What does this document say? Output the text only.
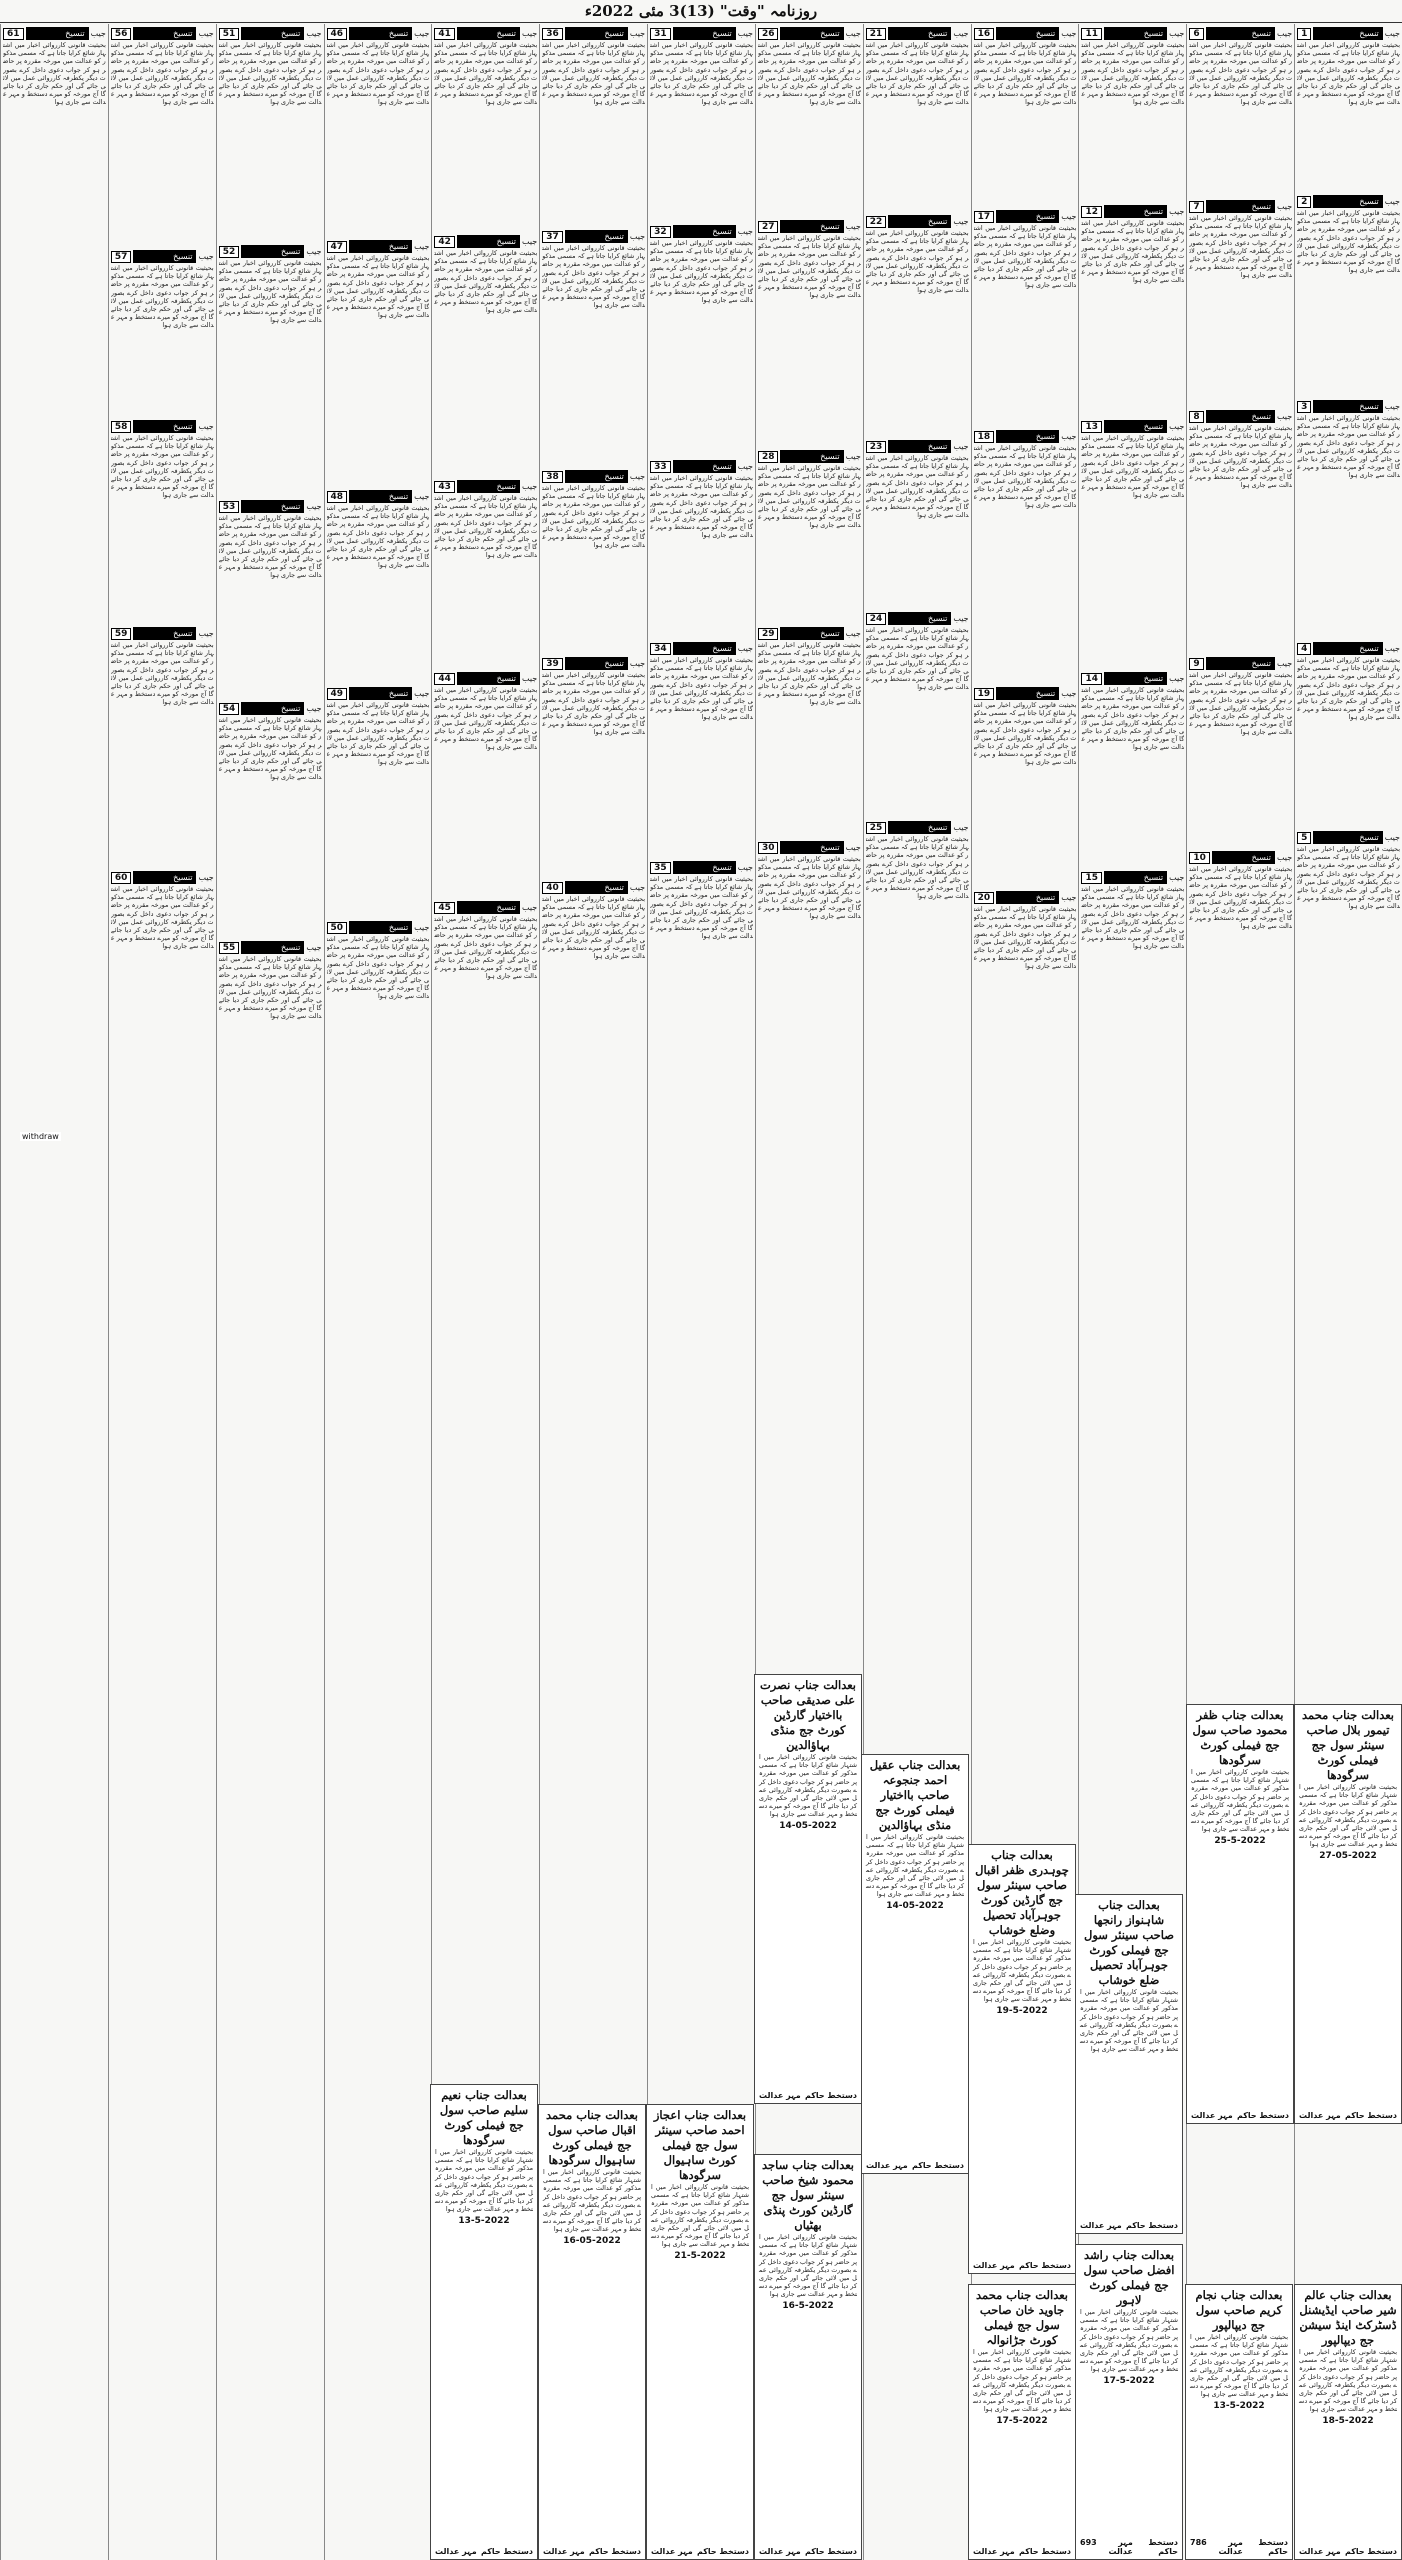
روزنامہ "وقت" (13)3 مئی 2022ء
1	تنسیخ جیب
بحیثیت قانونی کارروائی اخبار میں اشتہار شائع کرایا جاتا ہے کہ مسمی مذکور کو عدالت میں مورخہ مقررہ پر حاضر ہو کر جواب دعوی داخل کرے بصورت دیگر یکطرفہ کارروائی عمل میں لائی جائے گی اور حکم جاری کر دیا جائے گا آج مورخہ کو میرے دستخط و مہر عدالت سے جاری ہوا
2	تنسیخ جیب
بحیثیت قانونی کارروائی اخبار میں اشتہار شائع کرایا جاتا ہے کہ مسمی مذکور کو عدالت میں مورخہ مقررہ پر حاضر ہو کر جواب دعوی داخل کرے بصورت دیگر یکطرفہ کارروائی عمل میں لائی جائے گی اور حکم جاری کر دیا جائے گا آج مورخہ کو میرے دستخط و مہر عدالت سے جاری ہوا
3	تنسیخ جیب
بحیثیت قانونی کارروائی اخبار میں اشتہار شائع کرایا جاتا ہے کہ مسمی مذکور کو عدالت میں مورخہ مقررہ پر حاضر ہو کر جواب دعوی داخل کرے بصورت دیگر یکطرفہ کارروائی عمل میں لائی جائے گی اور حکم جاری کر دیا جائے گا آج مورخہ کو میرے دستخط و مہر عدالت سے جاری ہوا
4	تنسیخ جیب
بحیثیت قانونی کارروائی اخبار میں اشتہار شائع کرایا جاتا ہے کہ مسمی مذکور کو عدالت میں مورخہ مقررہ پر حاضر ہو کر جواب دعوی داخل کرے بصورت دیگر یکطرفہ کارروائی عمل میں لائی جائے گی اور حکم جاری کر دیا جائے گا آج مورخہ کو میرے دستخط و مہر عدالت سے جاری ہوا
5	تنسیخ جیب
بحیثیت قانونی کارروائی اخبار میں اشتہار شائع کرایا جاتا ہے کہ مسمی مذکور کو عدالت میں مورخہ مقررہ پر حاضر ہو کر جواب دعوی داخل کرے بصورت دیگر یکطرفہ کارروائی عمل میں لائی جائے گی اور حکم جاری کر دیا جائے گا آج مورخہ کو میرے دستخط و مہر عدالت سے جاری ہوا
6	تنسیخ جیب
بحیثیت قانونی کارروائی اخبار میں اشتہار شائع کرایا جاتا ہے کہ مسمی مذکور کو عدالت میں مورخہ مقررہ پر حاضر ہو کر جواب دعوی داخل کرے بصورت دیگر یکطرفہ کارروائی عمل میں لائی جائے گی اور حکم جاری کر دیا جائے گا آج مورخہ کو میرے دستخط و مہر عدالت سے جاری ہوا
7	تنسیخ جیب
بحیثیت قانونی کارروائی اخبار میں اشتہار شائع کرایا جاتا ہے کہ مسمی مذکور کو عدالت میں مورخہ مقررہ پر حاضر ہو کر جواب دعوی داخل کرے بصورت دیگر یکطرفہ کارروائی عمل میں لائی جائے گی اور حکم جاری کر دیا جائے گا آج مورخہ کو میرے دستخط و مہر عدالت سے جاری ہوا
8	تنسیخ جیب
بحیثیت قانونی کارروائی اخبار میں اشتہار شائع کرایا جاتا ہے کہ مسمی مذکور کو عدالت میں مورخہ مقررہ پر حاضر ہو کر جواب دعوی داخل کرے بصورت دیگر یکطرفہ کارروائی عمل میں لائی جائے گی اور حکم جاری کر دیا جائے گا آج مورخہ کو میرے دستخط و مہر عدالت سے جاری ہوا
9	تنسیخ جیب
بحیثیت قانونی کارروائی اخبار میں اشتہار شائع کرایا جاتا ہے کہ مسمی مذکور کو عدالت میں مورخہ مقررہ پر حاضر ہو کر جواب دعوی داخل کرے بصورت دیگر یکطرفہ کارروائی عمل میں لائی جائے گی اور حکم جاری کر دیا جائے گا آج مورخہ کو میرے دستخط و مہر عدالت سے جاری ہوا
10	تنسیخ جیب
بحیثیت قانونی کارروائی اخبار میں اشتہار شائع کرایا جاتا ہے کہ مسمی مذکور کو عدالت میں مورخہ مقررہ پر حاضر ہو کر جواب دعوی داخل کرے بصورت دیگر یکطرفہ کارروائی عمل میں لائی جائے گی اور حکم جاری کر دیا جائے گا آج مورخہ کو میرے دستخط و مہر عدالت سے جاری ہوا
11	تنسیخ جیب
بحیثیت قانونی کارروائی اخبار میں اشتہار شائع کرایا جاتا ہے کہ مسمی مذکور کو عدالت میں مورخہ مقررہ پر حاضر ہو کر جواب دعوی داخل کرے بصورت دیگر یکطرفہ کارروائی عمل میں لائی جائے گی اور حکم جاری کر دیا جائے گا آج مورخہ کو میرے دستخط و مہر عدالت سے جاری ہوا
12	تنسیخ جیب
بحیثیت قانونی کارروائی اخبار میں اشتہار شائع کرایا جاتا ہے کہ مسمی مذکور کو عدالت میں مورخہ مقررہ پر حاضر ہو کر جواب دعوی داخل کرے بصورت دیگر یکطرفہ کارروائی عمل میں لائی جائے گی اور حکم جاری کر دیا جائے گا آج مورخہ کو میرے دستخط و مہر عدالت سے جاری ہوا
13	تنسیخ جیب
بحیثیت قانونی کارروائی اخبار میں اشتہار شائع کرایا جاتا ہے کہ مسمی مذکور کو عدالت میں مورخہ مقررہ پر حاضر ہو کر جواب دعوی داخل کرے بصورت دیگر یکطرفہ کارروائی عمل میں لائی جائے گی اور حکم جاری کر دیا جائے گا آج مورخہ کو میرے دستخط و مہر عدالت سے جاری ہوا
14	تنسیخ جیب
بحیثیت قانونی کارروائی اخبار میں اشتہار شائع کرایا جاتا ہے کہ مسمی مذکور کو عدالت میں مورخہ مقررہ پر حاضر ہو کر جواب دعوی داخل کرے بصورت دیگر یکطرفہ کارروائی عمل میں لائی جائے گی اور حکم جاری کر دیا جائے گا آج مورخہ کو میرے دستخط و مہر عدالت سے جاری ہوا
15	تنسیخ جیب
بحیثیت قانونی کارروائی اخبار میں اشتہار شائع کرایا جاتا ہے کہ مسمی مذکور کو عدالت میں مورخہ مقررہ پر حاضر ہو کر جواب دعوی داخل کرے بصورت دیگر یکطرفہ کارروائی عمل میں لائی جائے گی اور حکم جاری کر دیا جائے گا آج مورخہ کو میرے دستخط و مہر عدالت سے جاری ہوا
16	تنسیخ جیب
بحیثیت قانونی کارروائی اخبار میں اشتہار شائع کرایا جاتا ہے کہ مسمی مذکور کو عدالت میں مورخہ مقررہ پر حاضر ہو کر جواب دعوی داخل کرے بصورت دیگر یکطرفہ کارروائی عمل میں لائی جائے گی اور حکم جاری کر دیا جائے گا آج مورخہ کو میرے دستخط و مہر عدالت سے جاری ہوا
17	تنسیخ جیب
بحیثیت قانونی کارروائی اخبار میں اشتہار شائع کرایا جاتا ہے کہ مسمی مذکور کو عدالت میں مورخہ مقررہ پر حاضر ہو کر جواب دعوی داخل کرے بصورت دیگر یکطرفہ کارروائی عمل میں لائی جائے گی اور حکم جاری کر دیا جائے گا آج مورخہ کو میرے دستخط و مہر عدالت سے جاری ہوا
18	تنسیخ جیب
بحیثیت قانونی کارروائی اخبار میں اشتہار شائع کرایا جاتا ہے کہ مسمی مذکور کو عدالت میں مورخہ مقررہ پر حاضر ہو کر جواب دعوی داخل کرے بصورت دیگر یکطرفہ کارروائی عمل میں لائی جائے گی اور حکم جاری کر دیا جائے گا آج مورخہ کو میرے دستخط و مہر عدالت سے جاری ہوا
19	تنسیخ جیب
بحیثیت قانونی کارروائی اخبار میں اشتہار شائع کرایا جاتا ہے کہ مسمی مذکور کو عدالت میں مورخہ مقررہ پر حاضر ہو کر جواب دعوی داخل کرے بصورت دیگر یکطرفہ کارروائی عمل میں لائی جائے گی اور حکم جاری کر دیا جائے گا آج مورخہ کو میرے دستخط و مہر عدالت سے جاری ہوا
20	تنسیخ جیب
بحیثیت قانونی کارروائی اخبار میں اشتہار شائع کرایا جاتا ہے کہ مسمی مذکور کو عدالت میں مورخہ مقررہ پر حاضر ہو کر جواب دعوی داخل کرے بصورت دیگر یکطرفہ کارروائی عمل میں لائی جائے گی اور حکم جاری کر دیا جائے گا آج مورخہ کو میرے دستخط و مہر عدالت سے جاری ہوا
21	تنسیخ جیب
بحیثیت قانونی کارروائی اخبار میں اشتہار شائع کرایا جاتا ہے کہ مسمی مذکور کو عدالت میں مورخہ مقررہ پر حاضر ہو کر جواب دعوی داخل کرے بصورت دیگر یکطرفہ کارروائی عمل میں لائی جائے گی اور حکم جاری کر دیا جائے گا آج مورخہ کو میرے دستخط و مہر عدالت سے جاری ہوا
22	تنسیخ جیب
بحیثیت قانونی کارروائی اخبار میں اشتہار شائع کرایا جاتا ہے کہ مسمی مذکور کو عدالت میں مورخہ مقررہ پر حاضر ہو کر جواب دعوی داخل کرے بصورت دیگر یکطرفہ کارروائی عمل میں لائی جائے گی اور حکم جاری کر دیا جائے گا آج مورخہ کو میرے دستخط و مہر عدالت سے جاری ہوا
23	تنسیخ جیب
بحیثیت قانونی کارروائی اخبار میں اشتہار شائع کرایا جاتا ہے کہ مسمی مذکور کو عدالت میں مورخہ مقررہ پر حاضر ہو کر جواب دعوی داخل کرے بصورت دیگر یکطرفہ کارروائی عمل میں لائی جائے گی اور حکم جاری کر دیا جائے گا آج مورخہ کو میرے دستخط و مہر عدالت سے جاری ہوا
24	تنسیخ جیب
بحیثیت قانونی کارروائی اخبار میں اشتہار شائع کرایا جاتا ہے کہ مسمی مذکور کو عدالت میں مورخہ مقررہ پر حاضر ہو کر جواب دعوی داخل کرے بصورت دیگر یکطرفہ کارروائی عمل میں لائی جائے گی اور حکم جاری کر دیا جائے گا آج مورخہ کو میرے دستخط و مہر عدالت سے جاری ہوا
25	تنسیخ جیب
بحیثیت قانونی کارروائی اخبار میں اشتہار شائع کرایا جاتا ہے کہ مسمی مذکور کو عدالت میں مورخہ مقررہ پر حاضر ہو کر جواب دعوی داخل کرے بصورت دیگر یکطرفہ کارروائی عمل میں لائی جائے گی اور حکم جاری کر دیا جائے گا آج مورخہ کو میرے دستخط و مہر عدالت سے جاری ہوا
26	تنسیخ جیب
بحیثیت قانونی کارروائی اخبار میں اشتہار شائع کرایا جاتا ہے کہ مسمی مذکور کو عدالت میں مورخہ مقررہ پر حاضر ہو کر جواب دعوی داخل کرے بصورت دیگر یکطرفہ کارروائی عمل میں لائی جائے گی اور حکم جاری کر دیا جائے گا آج مورخہ کو میرے دستخط و مہر عدالت سے جاری ہوا
27	تنسیخ جیب
بحیثیت قانونی کارروائی اخبار میں اشتہار شائع کرایا جاتا ہے کہ مسمی مذکور کو عدالت میں مورخہ مقررہ پر حاضر ہو کر جواب دعوی داخل کرے بصورت دیگر یکطرفہ کارروائی عمل میں لائی جائے گی اور حکم جاری کر دیا جائے گا آج مورخہ کو میرے دستخط و مہر عدالت سے جاری ہوا
28	تنسیخ جیب
بحیثیت قانونی کارروائی اخبار میں اشتہار شائع کرایا جاتا ہے کہ مسمی مذکور کو عدالت میں مورخہ مقررہ پر حاضر ہو کر جواب دعوی داخل کرے بصورت دیگر یکطرفہ کارروائی عمل میں لائی جائے گی اور حکم جاری کر دیا جائے گا آج مورخہ کو میرے دستخط و مہر عدالت سے جاری ہوا
29	تنسیخ جیب
بحیثیت قانونی کارروائی اخبار میں اشتہار شائع کرایا جاتا ہے کہ مسمی مذکور کو عدالت میں مورخہ مقررہ پر حاضر ہو کر جواب دعوی داخل کرے بصورت دیگر یکطرفہ کارروائی عمل میں لائی جائے گی اور حکم جاری کر دیا جائے گا آج مورخہ کو میرے دستخط و مہر عدالت سے جاری ہوا
30	تنسیخ جیب
بحیثیت قانونی کارروائی اخبار میں اشتہار شائع کرایا جاتا ہے کہ مسمی مذکور کو عدالت میں مورخہ مقررہ پر حاضر ہو کر جواب دعوی داخل کرے بصورت دیگر یکطرفہ کارروائی عمل میں لائی جائے گی اور حکم جاری کر دیا جائے گا آج مورخہ کو میرے دستخط و مہر عدالت سے جاری ہوا
31	تنسیخ جیب
بحیثیت قانونی کارروائی اخبار میں اشتہار شائع کرایا جاتا ہے کہ مسمی مذکور کو عدالت میں مورخہ مقررہ پر حاضر ہو کر جواب دعوی داخل کرے بصورت دیگر یکطرفہ کارروائی عمل میں لائی جائے گی اور حکم جاری کر دیا جائے گا آج مورخہ کو میرے دستخط و مہر عدالت سے جاری ہوا
32	تنسیخ جیب
بحیثیت قانونی کارروائی اخبار میں اشتہار شائع کرایا جاتا ہے کہ مسمی مذکور کو عدالت میں مورخہ مقررہ پر حاضر ہو کر جواب دعوی داخل کرے بصورت دیگر یکطرفہ کارروائی عمل میں لائی جائے گی اور حکم جاری کر دیا جائے گا آج مورخہ کو میرے دستخط و مہر عدالت سے جاری ہوا
33	تنسیخ جیب
بحیثیت قانونی کارروائی اخبار میں اشتہار شائع کرایا جاتا ہے کہ مسمی مذکور کو عدالت میں مورخہ مقررہ پر حاضر ہو کر جواب دعوی داخل کرے بصورت دیگر یکطرفہ کارروائی عمل میں لائی جائے گی اور حکم جاری کر دیا جائے گا آج مورخہ کو میرے دستخط و مہر عدالت سے جاری ہوا
34	تنسیخ جیب
بحیثیت قانونی کارروائی اخبار میں اشتہار شائع کرایا جاتا ہے کہ مسمی مذکور کو عدالت میں مورخہ مقررہ پر حاضر ہو کر جواب دعوی داخل کرے بصورت دیگر یکطرفہ کارروائی عمل میں لائی جائے گی اور حکم جاری کر دیا جائے گا آج مورخہ کو میرے دستخط و مہر عدالت سے جاری ہوا
35	تنسیخ جیب
بحیثیت قانونی کارروائی اخبار میں اشتہار شائع کرایا جاتا ہے کہ مسمی مذکور کو عدالت میں مورخہ مقررہ پر حاضر ہو کر جواب دعوی داخل کرے بصورت دیگر یکطرفہ کارروائی عمل میں لائی جائے گی اور حکم جاری کر دیا جائے گا آج مورخہ کو میرے دستخط و مہر عدالت سے جاری ہوا
36	تنسیخ جیب
بحیثیت قانونی کارروائی اخبار میں اشتہار شائع کرایا جاتا ہے کہ مسمی مذکور کو عدالت میں مورخہ مقررہ پر حاضر ہو کر جواب دعوی داخل کرے بصورت دیگر یکطرفہ کارروائی عمل میں لائی جائے گی اور حکم جاری کر دیا جائے گا آج مورخہ کو میرے دستخط و مہر عدالت سے جاری ہوا
37	تنسیخ جیب
بحیثیت قانونی کارروائی اخبار میں اشتہار شائع کرایا جاتا ہے کہ مسمی مذکور کو عدالت میں مورخہ مقررہ پر حاضر ہو کر جواب دعوی داخل کرے بصورت دیگر یکطرفہ کارروائی عمل میں لائی جائے گی اور حکم جاری کر دیا جائے گا آج مورخہ کو میرے دستخط و مہر عدالت سے جاری ہوا
38	تنسیخ جیب
بحیثیت قانونی کارروائی اخبار میں اشتہار شائع کرایا جاتا ہے کہ مسمی مذکور کو عدالت میں مورخہ مقررہ پر حاضر ہو کر جواب دعوی داخل کرے بصورت دیگر یکطرفہ کارروائی عمل میں لائی جائے گی اور حکم جاری کر دیا جائے گا آج مورخہ کو میرے دستخط و مہر عدالت سے جاری ہوا
39	تنسیخ جیب
بحیثیت قانونی کارروائی اخبار میں اشتہار شائع کرایا جاتا ہے کہ مسمی مذکور کو عدالت میں مورخہ مقررہ پر حاضر ہو کر جواب دعوی داخل کرے بصورت دیگر یکطرفہ کارروائی عمل میں لائی جائے گی اور حکم جاری کر دیا جائے گا آج مورخہ کو میرے دستخط و مہر عدالت سے جاری ہوا
40	تنسیخ جیب
بحیثیت قانونی کارروائی اخبار میں اشتہار شائع کرایا جاتا ہے کہ مسمی مذکور کو عدالت میں مورخہ مقررہ پر حاضر ہو کر جواب دعوی داخل کرے بصورت دیگر یکطرفہ کارروائی عمل میں لائی جائے گی اور حکم جاری کر دیا جائے گا آج مورخہ کو میرے دستخط و مہر عدالت سے جاری ہوا
41	تنسیخ جیب
بحیثیت قانونی کارروائی اخبار میں اشتہار شائع کرایا جاتا ہے کہ مسمی مذکور کو عدالت میں مورخہ مقررہ پر حاضر ہو کر جواب دعوی داخل کرے بصورت دیگر یکطرفہ کارروائی عمل میں لائی جائے گی اور حکم جاری کر دیا جائے گا آج مورخہ کو میرے دستخط و مہر عدالت سے جاری ہوا
42	تنسیخ جیب
بحیثیت قانونی کارروائی اخبار میں اشتہار شائع کرایا جاتا ہے کہ مسمی مذکور کو عدالت میں مورخہ مقررہ پر حاضر ہو کر جواب دعوی داخل کرے بصورت دیگر یکطرفہ کارروائی عمل میں لائی جائے گی اور حکم جاری کر دیا جائے گا آج مورخہ کو میرے دستخط و مہر عدالت سے جاری ہوا
43	تنسیخ جیب
بحیثیت قانونی کارروائی اخبار میں اشتہار شائع کرایا جاتا ہے کہ مسمی مذکور کو عدالت میں مورخہ مقررہ پر حاضر ہو کر جواب دعوی داخل کرے بصورت دیگر یکطرفہ کارروائی عمل میں لائی جائے گی اور حکم جاری کر دیا جائے گا آج مورخہ کو میرے دستخط و مہر عدالت سے جاری ہوا
44	تنسیخ جیب
بحیثیت قانونی کارروائی اخبار میں اشتہار شائع کرایا جاتا ہے کہ مسمی مذکور کو عدالت میں مورخہ مقررہ پر حاضر ہو کر جواب دعوی داخل کرے بصورت دیگر یکطرفہ کارروائی عمل میں لائی جائے گی اور حکم جاری کر دیا جائے گا آج مورخہ کو میرے دستخط و مہر عدالت سے جاری ہوا
45	تنسیخ جیب
بحیثیت قانونی کارروائی اخبار میں اشتہار شائع کرایا جاتا ہے کہ مسمی مذکور کو عدالت میں مورخہ مقررہ پر حاضر ہو کر جواب دعوی داخل کرے بصورت دیگر یکطرفہ کارروائی عمل میں لائی جائے گی اور حکم جاری کر دیا جائے گا آج مورخہ کو میرے دستخط و مہر عدالت سے جاری ہوا
46	تنسیخ جیب
بحیثیت قانونی کارروائی اخبار میں اشتہار شائع کرایا جاتا ہے کہ مسمی مذکور کو عدالت میں مورخہ مقررہ پر حاضر ہو کر جواب دعوی داخل کرے بصورت دیگر یکطرفہ کارروائی عمل میں لائی جائے گی اور حکم جاری کر دیا جائے گا آج مورخہ کو میرے دستخط و مہر عدالت سے جاری ہوا
47	تنسیخ جیب
بحیثیت قانونی کارروائی اخبار میں اشتہار شائع کرایا جاتا ہے کہ مسمی مذکور کو عدالت میں مورخہ مقررہ پر حاضر ہو کر جواب دعوی داخل کرے بصورت دیگر یکطرفہ کارروائی عمل میں لائی جائے گی اور حکم جاری کر دیا جائے گا آج مورخہ کو میرے دستخط و مہر عدالت سے جاری ہوا
48	تنسیخ جیب
بحیثیت قانونی کارروائی اخبار میں اشتہار شائع کرایا جاتا ہے کہ مسمی مذکور کو عدالت میں مورخہ مقررہ پر حاضر ہو کر جواب دعوی داخل کرے بصورت دیگر یکطرفہ کارروائی عمل میں لائی جائے گی اور حکم جاری کر دیا جائے گا آج مورخہ کو میرے دستخط و مہر عدالت سے جاری ہوا
49	تنسیخ جیب
بحیثیت قانونی کارروائی اخبار میں اشتہار شائع کرایا جاتا ہے کہ مسمی مذکور کو عدالت میں مورخہ مقررہ پر حاضر ہو کر جواب دعوی داخل کرے بصورت دیگر یکطرفہ کارروائی عمل میں لائی جائے گی اور حکم جاری کر دیا جائے گا آج مورخہ کو میرے دستخط و مہر عدالت سے جاری ہوا
50	تنسیخ جیب
بحیثیت قانونی کارروائی اخبار میں اشتہار شائع کرایا جاتا ہے کہ مسمی مذکور کو عدالت میں مورخہ مقررہ پر حاضر ہو کر جواب دعوی داخل کرے بصورت دیگر یکطرفہ کارروائی عمل میں لائی جائے گی اور حکم جاری کر دیا جائے گا آج مورخہ کو میرے دستخط و مہر عدالت سے جاری ہوا
51	تنسیخ جیب
بحیثیت قانونی کارروائی اخبار میں اشتہار شائع کرایا جاتا ہے کہ مسمی مذکور کو عدالت میں مورخہ مقررہ پر حاضر ہو کر جواب دعوی داخل کرے بصورت دیگر یکطرفہ کارروائی عمل میں لائی جائے گی اور حکم جاری کر دیا جائے گا آج مورخہ کو میرے دستخط و مہر عدالت سے جاری ہوا
52	تنسیخ جیب
بحیثیت قانونی کارروائی اخبار میں اشتہار شائع کرایا جاتا ہے کہ مسمی مذکور کو عدالت میں مورخہ مقررہ پر حاضر ہو کر جواب دعوی داخل کرے بصورت دیگر یکطرفہ کارروائی عمل میں لائی جائے گی اور حکم جاری کر دیا جائے گا آج مورخہ کو میرے دستخط و مہر عدالت سے جاری ہوا
53	تنسیخ جیب
بحیثیت قانونی کارروائی اخبار میں اشتہار شائع کرایا جاتا ہے کہ مسمی مذکور کو عدالت میں مورخہ مقررہ پر حاضر ہو کر جواب دعوی داخل کرے بصورت دیگر یکطرفہ کارروائی عمل میں لائی جائے گی اور حکم جاری کر دیا جائے گا آج مورخہ کو میرے دستخط و مہر عدالت سے جاری ہوا
54	تنسیخ جیب
بحیثیت قانونی کارروائی اخبار میں اشتہار شائع کرایا جاتا ہے کہ مسمی مذکور کو عدالت میں مورخہ مقررہ پر حاضر ہو کر جواب دعوی داخل کرے بصورت دیگر یکطرفہ کارروائی عمل میں لائی جائے گی اور حکم جاری کر دیا جائے گا آج مورخہ کو میرے دستخط و مہر عدالت سے جاری ہوا
55	تنسیخ جیب
بحیثیت قانونی کارروائی اخبار میں اشتہار شائع کرایا جاتا ہے کہ مسمی مذکور کو عدالت میں مورخہ مقررہ پر حاضر ہو کر جواب دعوی داخل کرے بصورت دیگر یکطرفہ کارروائی عمل میں لائی جائے گی اور حکم جاری کر دیا جائے گا آج مورخہ کو میرے دستخط و مہر عدالت سے جاری ہوا
56	تنسیخ جیب
بحیثیت قانونی کارروائی اخبار میں اشتہار شائع کرایا جاتا ہے کہ مسمی مذکور کو عدالت میں مورخہ مقررہ پر حاضر ہو کر جواب دعوی داخل کرے بصورت دیگر یکطرفہ کارروائی عمل میں لائی جائے گی اور حکم جاری کر دیا جائے گا آج مورخہ کو میرے دستخط و مہر عدالت سے جاری ہوا
57	تنسیخ جیب
بحیثیت قانونی کارروائی اخبار میں اشتہار شائع کرایا جاتا ہے کہ مسمی مذکور کو عدالت میں مورخہ مقررہ پر حاضر ہو کر جواب دعوی داخل کرے بصورت دیگر یکطرفہ کارروائی عمل میں لائی جائے گی اور حکم جاری کر دیا جائے گا آج مورخہ کو میرے دستخط و مہر عدالت سے جاری ہوا
58	تنسیخ جیب
بحیثیت قانونی کارروائی اخبار میں اشتہار شائع کرایا جاتا ہے کہ مسمی مذکور کو عدالت میں مورخہ مقررہ پر حاضر ہو کر جواب دعوی داخل کرے بصورت دیگر یکطرفہ کارروائی عمل میں لائی جائے گی اور حکم جاری کر دیا جائے گا آج مورخہ کو میرے دستخط و مہر عدالت سے جاری ہوا
59	تنسیخ جیب
بحیثیت قانونی کارروائی اخبار میں اشتہار شائع کرایا جاتا ہے کہ مسمی مذکور کو عدالت میں مورخہ مقررہ پر حاضر ہو کر جواب دعوی داخل کرے بصورت دیگر یکطرفہ کارروائی عمل میں لائی جائے گی اور حکم جاری کر دیا جائے گا آج مورخہ کو میرے دستخط و مہر عدالت سے جاری ہوا
60	تنسیخ جیب
بحیثیت قانونی کارروائی اخبار میں اشتہار شائع کرایا جاتا ہے کہ مسمی مذکور کو عدالت میں مورخہ مقررہ پر حاضر ہو کر جواب دعوی داخل کرے بصورت دیگر یکطرفہ کارروائی عمل میں لائی جائے گی اور حکم جاری کر دیا جائے گا آج مورخہ کو میرے دستخط و مہر عدالت سے جاری ہوا
61	تنسیخ جیب
بحیثیت قانونی کارروائی اخبار میں اشتہار شائع کرایا جاتا ہے کہ مسمی مذکور کو عدالت میں مورخہ مقررہ پر حاضر ہو کر جواب دعوی داخل کرے بصورت دیگر یکطرفہ کارروائی عمل میں لائی جائے گی اور حکم جاری کر دیا جائے گا آج مورخہ کو میرے دستخط و مہر عدالت سے جاری ہوا
بعدالت جناب نصرت علی صدیقی صاحب بااختیار گارڈین کورٹ جج منڈی بہاؤالدین
بحیثیت قانونی کارروائی اخبار میں اشتہار شائع کرایا جاتا ہے کہ مسمی مذکور کو عدالت میں مورخہ مقررہ پر حاضر ہو کر جواب دعوی داخل کرے بصورت دیگر یکطرفہ کارروائی عمل میں لائی جائے گی اور حکم جاری کر دیا جائے گا آج مورخہ کو میرے دستخط و مہر عدالت سے جاری ہوا
14-05-2022
دستخط حاکم
مہر عدالت
بعدالت جناب عقیل احمد جنجوعہ صاحب بااختیار فیملی کورٹ جج منڈی بہاؤالدین
بحیثیت قانونی کارروائی اخبار میں اشتہار شائع کرایا جاتا ہے کہ مسمی مذکور کو عدالت میں مورخہ مقررہ پر حاضر ہو کر جواب دعوی داخل کرے بصورت دیگر یکطرفہ کارروائی عمل میں لائی جائے گی اور حکم جاری کر دیا جائے گا آج مورخہ کو میرے دستخط و مہر عدالت سے جاری ہوا
14-05-2022
دستخط حاکم
مہر عدالت
بعدالت جناب چوہدری ظفر اقبال صاحب سینئر سول جج گارڈین کورٹ جوہرآباد تحصیل وضلع خوشاب
بحیثیت قانونی کارروائی اخبار میں اشتہار شائع کرایا جاتا ہے کہ مسمی مذکور کو عدالت میں مورخہ مقررہ پر حاضر ہو کر جواب دعوی داخل کرے بصورت دیگر یکطرفہ کارروائی عمل میں لائی جائے گی اور حکم جاری کر دیا جائے گا آج مورخہ کو میرے دستخط و مہر عدالت سے جاری ہوا
19-5-2022
دستخط حاکم
مہر عدالت
بعدالت جناب شاہنواز رانجھا صاحب سینئر سول جج فیملی کورٹ جوہرآباد تحصیل ضلع خوشاب
بحیثیت قانونی کارروائی اخبار میں اشتہار شائع کرایا جاتا ہے کہ مسمی مذکور کو عدالت میں مورخہ مقررہ پر حاضر ہو کر جواب دعوی داخل کرے بصورت دیگر یکطرفہ کارروائی عمل میں لائی جائے گی اور حکم جاری کر دیا جائے گا آج مورخہ کو میرے دستخط و مہر عدالت سے جاری ہوا
دستخط حاکم
مہر عدالت
بعدالت جناب محمد تیمور بلال صاحب سینئر سول جج فیملی کورٹ سرگودھا
بحیثیت قانونی کارروائی اخبار میں اشتہار شائع کرایا جاتا ہے کہ مسمی مذکور کو عدالت میں مورخہ مقررہ پر حاضر ہو کر جواب دعوی داخل کرے بصورت دیگر یکطرفہ کارروائی عمل میں لائی جائے گی اور حکم جاری کر دیا جائے گا آج مورخہ کو میرے دستخط و مہر عدالت سے جاری ہوا
27-05-2022
دستخط حاکم
مہر عدالت
بعدالت جناب ظفر محمود صاحب سول جج فیملی کورٹ سرگودھا
بحیثیت قانونی کارروائی اخبار میں اشتہار شائع کرایا جاتا ہے کہ مسمی مذکور کو عدالت میں مورخہ مقررہ پر حاضر ہو کر جواب دعوی داخل کرے بصورت دیگر یکطرفہ کارروائی عمل میں لائی جائے گی اور حکم جاری کر دیا جائے گا آج مورخہ کو میرے دستخط و مہر عدالت سے جاری ہوا
25-5-2022
دستخط حاکم
مہر عدالت
بعدالت جناب ساجد محمود شیخ صاحب سینئر سول جج گارڈین کورٹ پنڈی بھٹیاں
بحیثیت قانونی کارروائی اخبار میں اشتہار شائع کرایا جاتا ہے کہ مسمی مذکور کو عدالت میں مورخہ مقررہ پر حاضر ہو کر جواب دعوی داخل کرے بصورت دیگر یکطرفہ کارروائی عمل میں لائی جائے گی اور حکم جاری کر دیا جائے گا آج مورخہ کو میرے دستخط و مہر عدالت سے جاری ہوا
16-5-2022
دستخط حاکم
مہر عدالت
بعدالت جناب محمد جاوید خان صاحب سول جج فیملی کورٹ جڑانوالہ
بحیثیت قانونی کارروائی اخبار میں اشتہار شائع کرایا جاتا ہے کہ مسمی مذکور کو عدالت میں مورخہ مقررہ پر حاضر ہو کر جواب دعوی داخل کرے بصورت دیگر یکطرفہ کارروائی عمل میں لائی جائے گی اور حکم جاری کر دیا جائے گا آج مورخہ کو میرے دستخط و مہر عدالت سے جاری ہوا
17-5-2022
دستخط حاکم
مہر عدالت
بعدالت جناب راشد افضل صاحب سول جج فیملی کورٹ لاہور
بحیثیت قانونی کارروائی اخبار میں اشتہار شائع کرایا جاتا ہے کہ مسمی مذکور کو عدالت میں مورخہ مقررہ پر حاضر ہو کر جواب دعوی داخل کرے بصورت دیگر یکطرفہ کارروائی عمل میں لائی جائے گی اور حکم جاری کر دیا جائے گا آج مورخہ کو میرے دستخط و مہر عدالت سے جاری ہوا
17-5-2022
دستخط حاکم
مہر عدالت
693
بعدالت جناب نجام کریم صاحب سول جج دیپالپور
بحیثیت قانونی کارروائی اخبار میں اشتہار شائع کرایا جاتا ہے کہ مسمی مذکور کو عدالت میں مورخہ مقررہ پر حاضر ہو کر جواب دعوی داخل کرے بصورت دیگر یکطرفہ کارروائی عمل میں لائی جائے گی اور حکم جاری کر دیا جائے گا آج مورخہ کو میرے دستخط و مہر عدالت سے جاری ہوا
13-5-2022
دستخط حاکم
مہر عدالت
786
بعدالت جناب عالم شیر صاحب ایڈیشنل ڈسٹرکٹ اینڈ سیشن جج دیپالپور
بحیثیت قانونی کارروائی اخبار میں اشتہار شائع کرایا جاتا ہے کہ مسمی مذکور کو عدالت میں مورخہ مقررہ پر حاضر ہو کر جواب دعوی داخل کرے بصورت دیگر یکطرفہ کارروائی عمل میں لائی جائے گی اور حکم جاری کر دیا جائے گا آج مورخہ کو میرے دستخط و مہر عدالت سے جاری ہوا
18-5-2022
دستخط حاکم
مہر عدالت
بعدالت جناب اعجاز احمد صاحب سینئر سول جج فیملی کورٹ ساہیوال سرگودھا
بحیثیت قانونی کارروائی اخبار میں اشتہار شائع کرایا جاتا ہے کہ مسمی مذکور کو عدالت میں مورخہ مقررہ پر حاضر ہو کر جواب دعوی داخل کرے بصورت دیگر یکطرفہ کارروائی عمل میں لائی جائے گی اور حکم جاری کر دیا جائے گا آج مورخہ کو میرے دستخط و مہر عدالت سے جاری ہوا
21-5-2022
دستخط حاکم
مہر عدالت
بعدالت جناب محمد اقبال صاحب سول جج فیملی کورٹ ساہیوال سرگودھا
بحیثیت قانونی کارروائی اخبار میں اشتہار شائع کرایا جاتا ہے کہ مسمی مذکور کو عدالت میں مورخہ مقررہ پر حاضر ہو کر جواب دعوی داخل کرے بصورت دیگر یکطرفہ کارروائی عمل میں لائی جائے گی اور حکم جاری کر دیا جائے گا آج مورخہ کو میرے دستخط و مہر عدالت سے جاری ہوا
16-05-2022
دستخط حاکم
مہر عدالت
بعدالت جناب نعیم سلیم صاحب سول جج فیملی کورٹ سرگودھا
بحیثیت قانونی کارروائی اخبار میں اشتہار شائع کرایا جاتا ہے کہ مسمی مذکور کو عدالت میں مورخہ مقررہ پر حاضر ہو کر جواب دعوی داخل کرے بصورت دیگر یکطرفہ کارروائی عمل میں لائی جائے گی اور حکم جاری کر دیا جائے گا آج مورخہ کو میرے دستخط و مہر عدالت سے جاری ہوا
13-5-2022
دستخط حاکم
مہر عدالت
withdraw
